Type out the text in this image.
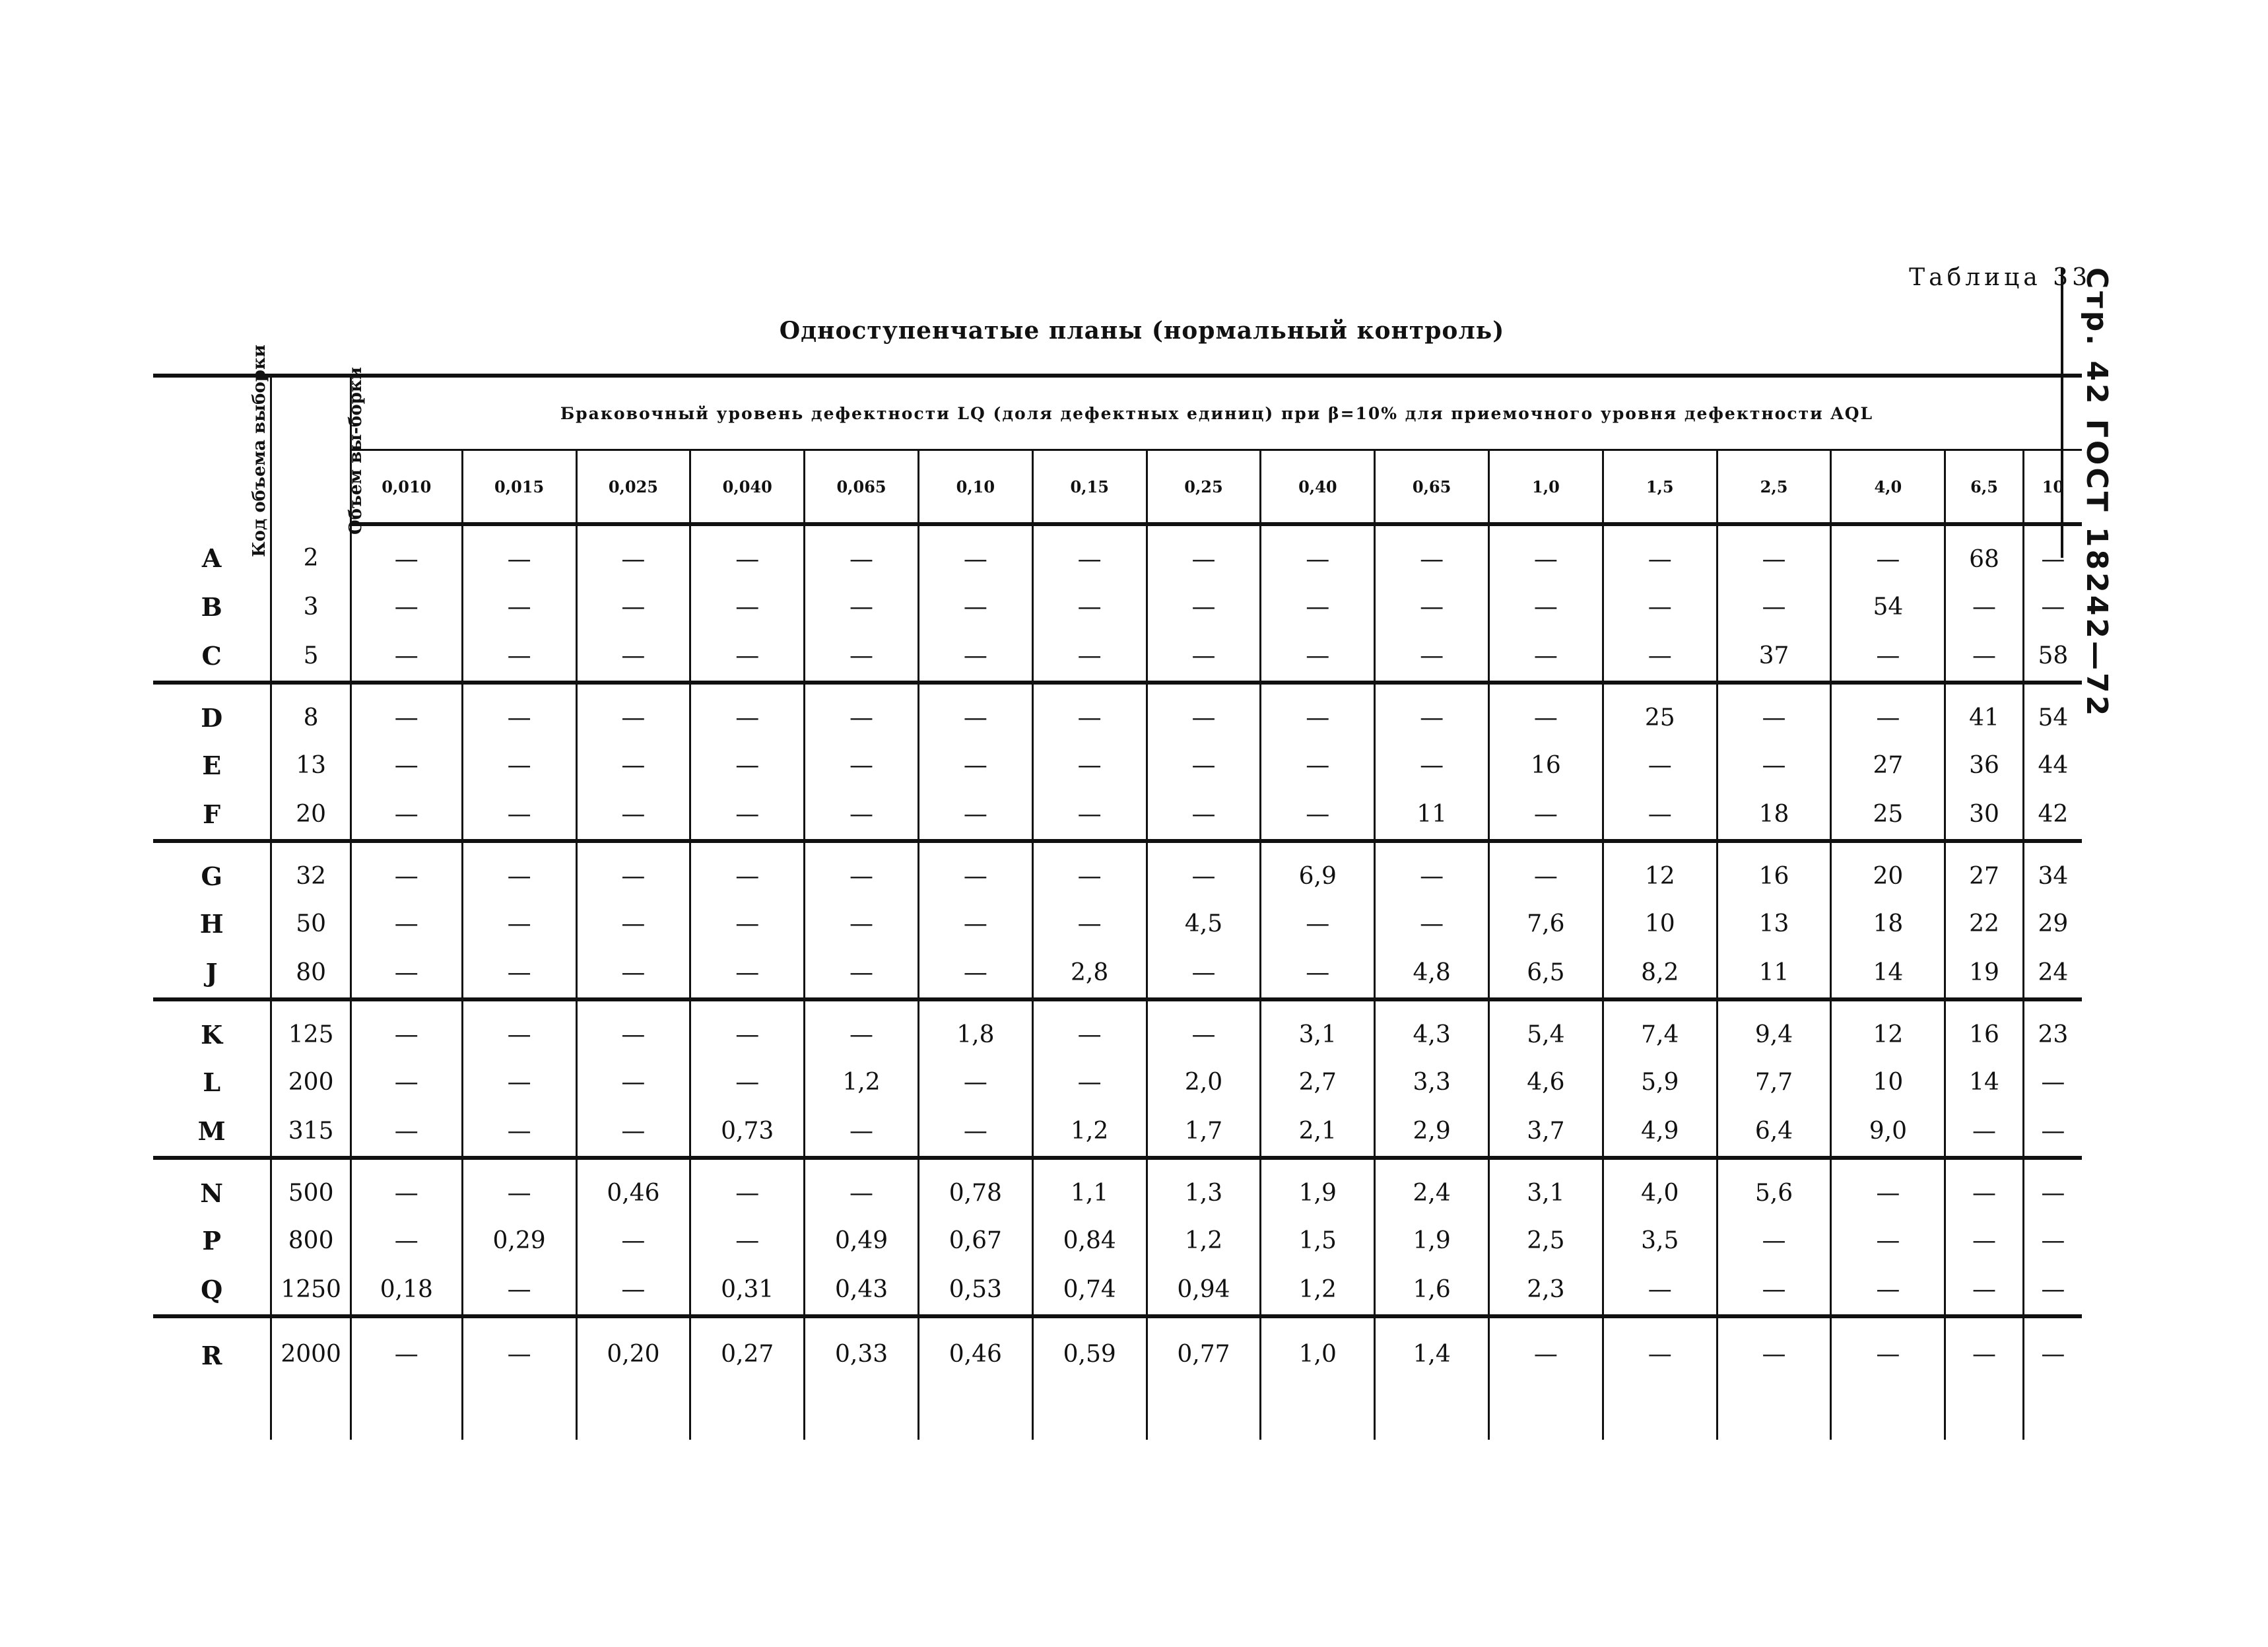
Стр. 42 ГОСТ 18242—72
Таблица 33
Одноступенчатые планы (нормальный контроль)
Код объема выборки	Объем вы-борки	Браковочный уровень дефектности LQ (доля дефектных единиц) при β=10% для приемочного уровня дефектности AQL															
		0,010	0,015	0,025	0,040	0,065	0,10	0,15	0,25	0,40	0,65	1,0	1,5	2,5	4,0	6,5	10
A	2	—	—	—	—	—	—	—	—	—	—	—	—	—	—	68	—
B	3	—	—	—	—	—	—	—	—	—	—	—	—	—	54	—	—
C	5	—	—	—	—	—	—	—	—	—	—	—	—	37	—	—	58
D	8	—	—	—	—	—	—	—	—	—	—	—	25	—	—	41	54
E	13	—	—	—	—	—	—	—	—	—	—	16	—	—	27	36	44
F	20	—	—	—	—	—	—	—	—	—	11	—	—	18	25	30	42
G	32	—	—	—	—	—	—	—	—	6,9	—	—	12	16	20	27	34
H	50	—	—	—	—	—	—	—	4,5	—	—	7,6	10	13	18	22	29
J	80	—	—	—	—	—	—	2,8	—	—	4,8	6,5	8,2	11	14	19	24
K	125	—	—	—	—	—	1,8	—	—	3,1	4,3	5,4	7,4	9,4	12	16	23
L	200	—	—	—	—	1,2	—	—	2,0	2,7	3,3	4,6	5,9	7,7	10	14	—
M	315	—	—	—	0,73	—	—	1,2	1,7	2,1	2,9	3,7	4,9	6,4	9,0	—	—
N	500	—	—	0,46	—	—	0,78	1,1	1,3	1,9	2,4	3,1	4,0	5,6	—	—	—
P	800	—	0,29	—	—	0,49	0,67	0,84	1,2	1,5	1,9	2,5	3,5	—	—	—	—
Q	1250	0,18	—	—	0,31	0,43	0,53	0,74	0,94	1,2	1,6	2,3	—	—	—	—	—
R	2000	—	—	0,20	0,27	0,33	0,46	0,59	0,77	1,0	1,4	—	—	—	—	—	—
